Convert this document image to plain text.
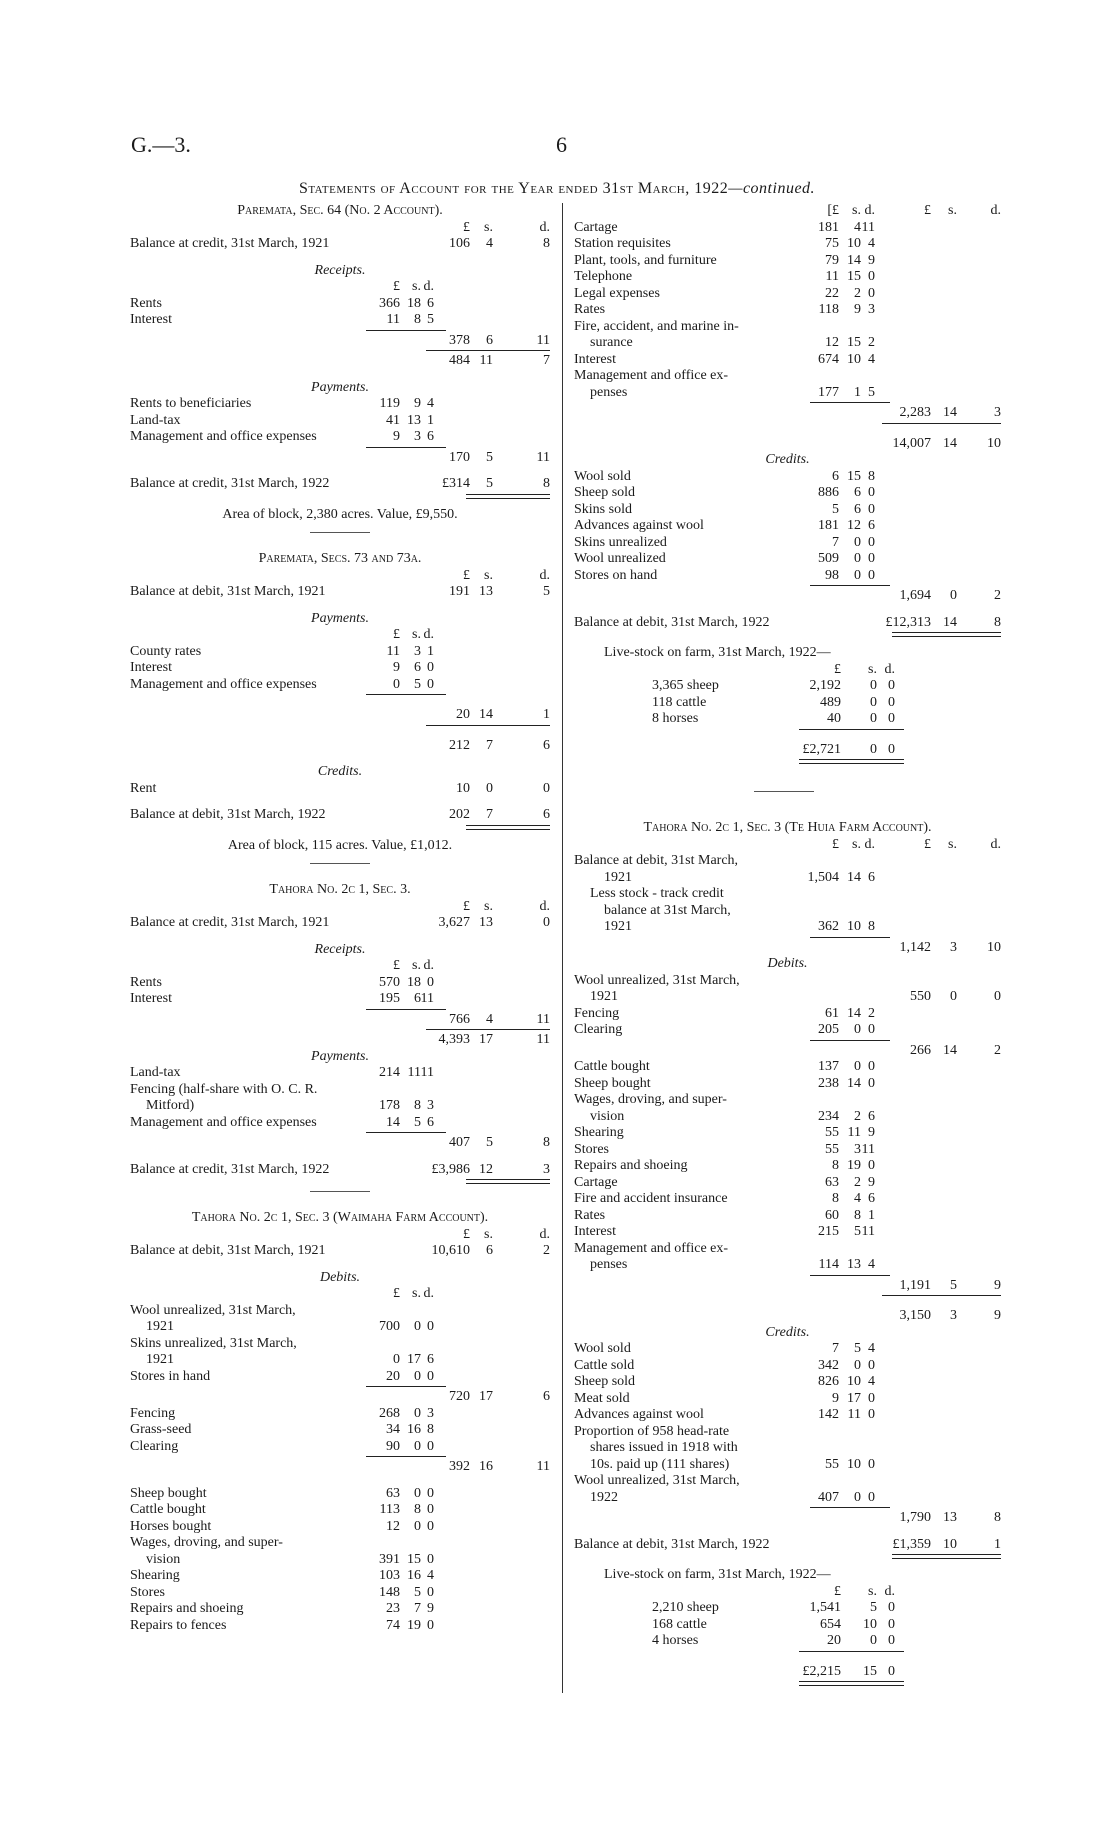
G.—3.	6
Statements of Account for the Year ended 31st March, 1922—continued.
Paremata, Sec. 64 (No. 2 Account).
£ s.	d.
Balance at credit, 31st March, 1921	106 4	8
Receipts.
£ s. d.
Rents	366 18 6
Interest	11 8 5
378 6	11
484 11	7
Payments.
Rents to beneficiaries	119 9 4
Land-tax	41 13 1
Management and office expenses	9 3 6
170 5	11
Balance at credit, 31st March, 1922	£314 5	8
Area of block, 2,380 acres. Value, £9,550.
Paremata, Secs. 73 and 73a.
£ s.	d.
Balance at debit, 31st March, 1921	191 13	5
Payments.
£ s. d.
County rates	11 3 1
Interest	9 6 0
Management and office expenses	0 5 0
20 14	1
212 7	6
Credits.
Rent	10 0	0
Balance at debit, 31st March, 1922	202 7	6
Area of block, 115 acres. Value, £1,012.
Tahora No. 2c 1, Sec. 3.
£ s.	d.
Balance at credit, 31st March, 1921	3,627 13	0
Receipts.
£ s. d.
Rents	570 18 0
Interest	195 6 11
766 4	11
4,393 17	11
Payments.
Land-tax	214 11 11
Fencing (half-share with O. C. R.
Mitford)	178 8 3
Management and office expenses	14 5 6
407 5	8
Balance at credit, 31st March, 1922	£3,986 12	3
Tahora No. 2c 1, Sec. 3 (Waimaha Farm Account).
£ s.	d.
Balance at debit, 31st March, 1921	10,610 6	2
Debits.
£ s. d.
Wool unrealized, 31st March,
1921	700 0 0
Skins unrealized, 31st March,
1921	0 17 6
Stores in hand	20 0 0
720 17	6
Fencing	268 0 3
Grass-seed	34 16 8
Clearing	90 0 0
392 16	11
Sheep bought	63 0 0
Cattle bought	113 8 0
Horses bought	12 0 0
Wages, droving, and super-
vision	391 15 0
Shearing	103 16 4
Stores	148 5 0
Repairs and shoeing	23 7 9
Repairs to fences	74 19 0
[£ s. d.	£ s. d.
Cartage	181 4 11
Station requisites	75 10 4
Plant, tools, and furniture	79 14 9
Telephone	11 15 0
Legal expenses	22 2 0
Rates	118 9 3
Fire, accident, and marine in-
surance	12 15 2
Interest	674 10 4
Management and office ex-
penses	177 1 5
2,283 14	3
14,007 14 10
Credits.
Wool sold	6 15 8
Sheep sold	886 6 0
Skins sold	5 6 0
Advances against wool	181 12 6
Skins unrealized	7 0 0
Wool unrealized	509 0 0
Stores on hand	98 0 0
1,694 0	2
Balance at debit, 31st March, 1922	£12,313 14	8
Live-stock on farm, 31st March, 1922—
£ s. d.
3,365 sheep	2,192 0 0
118 cattle	489 0 0
8 horses	40 0 0
£2,721 0 0
Tahora No. 2c 1, Sec. 3 (Te Huia Farm Account).
£ s. d.	£ s. d.
Balance at debit, 31st March,
1921	1,504 14 6
Less stock - track credit
balance at 31st March,
1921	362 10 8
1,142 3 10
Debits.
Wool unrealized, 31st March,
1921	550 0	0
Fencing	61 14 2
Clearing	205 0 0
266 14	2
Cattle bought	137 0 0
Sheep bought	238 14 0
Wages, droving, and super-
vision	234 2 6
Shearing	55 11 9
Stores	55 3 11
Repairs and shoeing	8 19 0
Cartage	63 2 9
Fire and accident insurance	8 4 6
Rates	60 8 1
Interest	215 5 11
Management and office ex-
penses	114 13 4
1,191 5	9
3,150 3	9
Credits.
Wool sold	7 5 4
Cattle sold	342 0 0
Sheep sold	826 10 4
Meat sold	9 17 0
Advances against wool	142 11 0
Proportion of 958 head-rate
shares issued in 1918 with
10s. paid up (111 shares)	55 10 0
Wool unrealized, 31st March,
1922	407 0 0
1,790 13	8
Balance at debit, 31st March, 1922	£1,359 10	1
Live-stock on farm, 31st March, 1922—
£ s. d.
2,210 sheep	1,541 5 0
168 cattle	654 10 0
4 horses	20 0 0
£2,215 15 0
